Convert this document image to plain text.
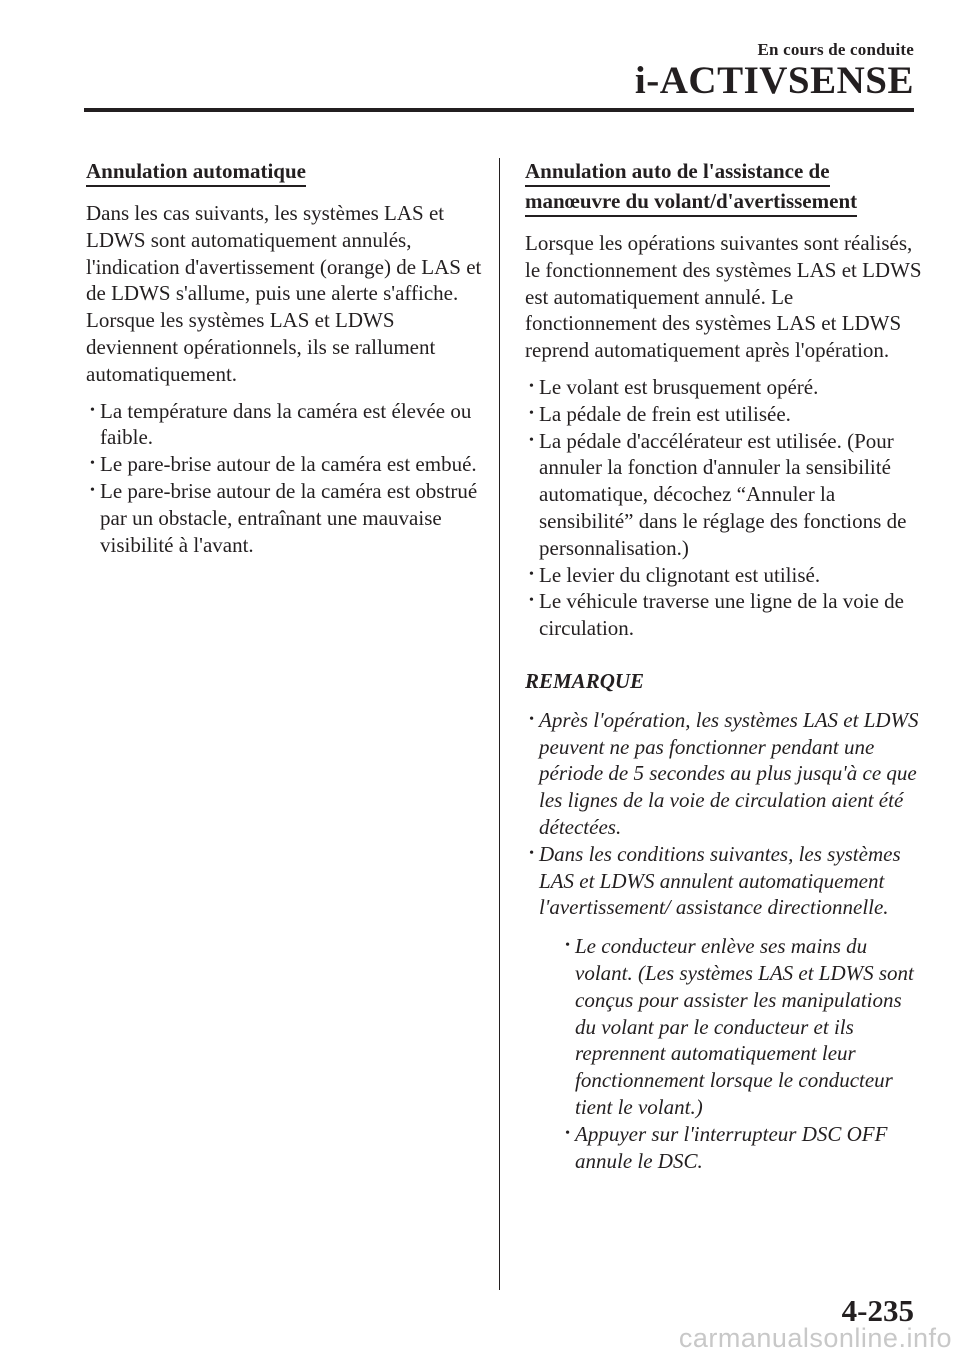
En cours de conduite
i-ACTIVSENSE
Annulation automatique

Dans les cas suivants, les systèmes LAS et LDWS sont automatiquement annulés, l'indication d'avertissement (orange) de LAS et de LDWS s'allume, puis une alerte s'affiche. Lorsque les systèmes LAS et LDWS deviennent opérationnels, ils se rallument automatiquement.

• La température dans la caméra est élevée ou faible.
• Le pare-brise autour de la caméra est embué.
• Le pare-brise autour de la caméra est obstrué par un obstacle, entraînant une mauvaise visibilité à l'avant.
Annulation auto de l'assistance de
manœuvre du volant/d'avertissement

Lorsque les opérations suivantes sont réalisés, le fonctionnement des systèmes LAS et LDWS est automatiquement annulé. Le fonctionnement des systèmes LAS et LDWS reprend automatiquement après l'opération.

• Le volant est brusquement opéré.
• La pédale de frein est utilisée.
• La pédale d'accélérateur est utilisée. (Pour annuler la fonction d'annuler la sensibilité automatique, décochez “Annuler la sensibilité” dans le réglage des fonctions de personnalisation.)
• Le levier du clignotant est utilisé.
• Le véhicule traverse une ligne de la voie de circulation.
REMARQUE
• Après l'opération, les systèmes LAS et LDWS peuvent ne pas fonctionner pendant une période de 5 secondes au plus jusqu'à ce que les lignes de la voie de circulation aient été détectées.
• Dans les conditions suivantes, les systèmes LAS et LDWS annulent automatiquement l'avertissement/ assistance directionnelle.
• Le conducteur enlève ses mains du volant. (Les systèmes LAS et LDWS sont conçus pour assister les manipulations du volant par le conducteur et ils reprennent automatiquement leur fonctionnement lorsque le conducteur tient le volant.)
• Appuyer sur l'interrupteur DSC OFF annule le DSC.
4-235
carmanualsonline.info
